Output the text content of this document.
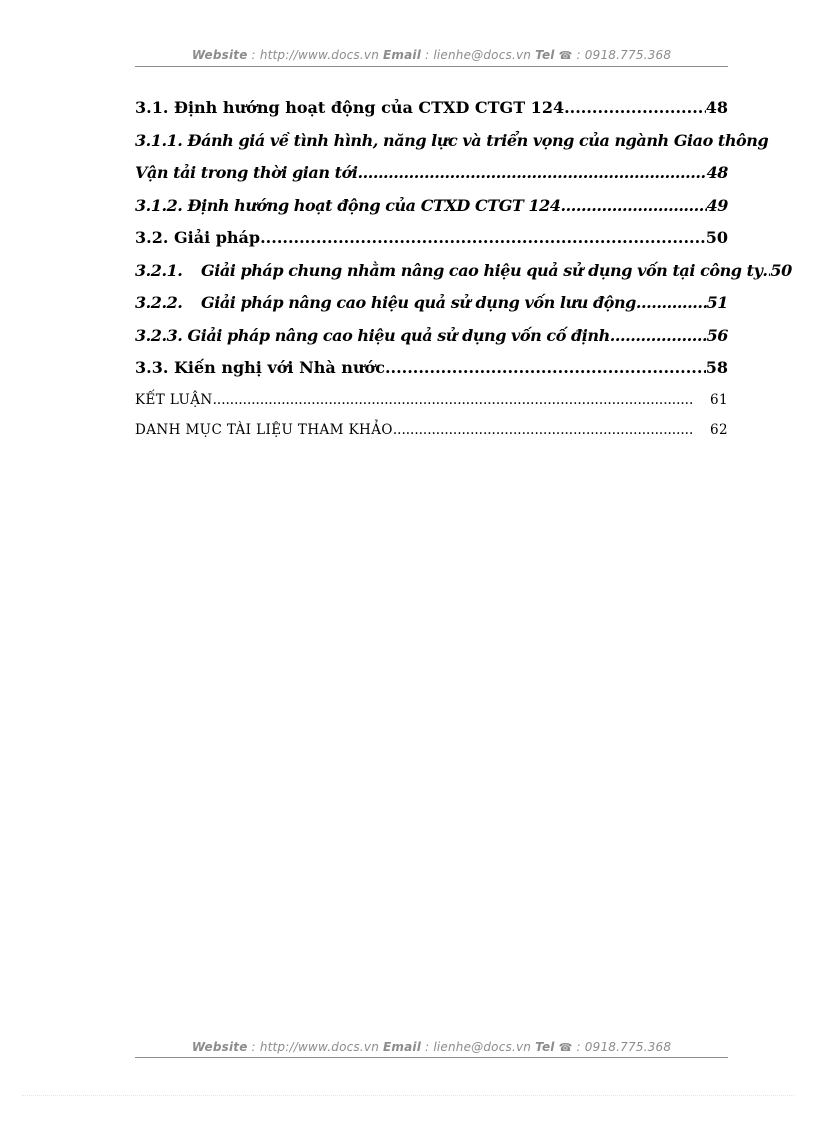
Website : http://www.docs.vn Email : lienhe@docs.vn Tel ☎ : 0918.775.368
3.1. Định hướng hoạt động của CTXD CTGT 124 .....	48
3.1.1. Đánh giá về tình hình, năng lực và triển vọng của ngành Giao thông
Vận tải trong thời gian tới. .....	48
3.1.2. Định hướng hoạt động của CTXD CTGT 124 .....	49
3.2. Giải pháp .....	50
3.2.1.	Giải pháp chung nhằm nâng cao hiệu quả sử dụng vốn tại công ty ..... 50
3.2.2.	Giải pháp nâng cao hiệu quả sử dụng vốn lưu động .....	51
3.2.3. Giải pháp nâng cao hiệu quả sử dụng vốn cố định. .....	56
3.3. Kiến nghị với Nhà nước .....	58
KẾT LUẬN .....	61
DANH MỤC TÀI LIỆU THAM KHẢO .....	62
Website : http://www.docs.vn Email : lienhe@docs.vn Tel ☎ : 0918.775.368
